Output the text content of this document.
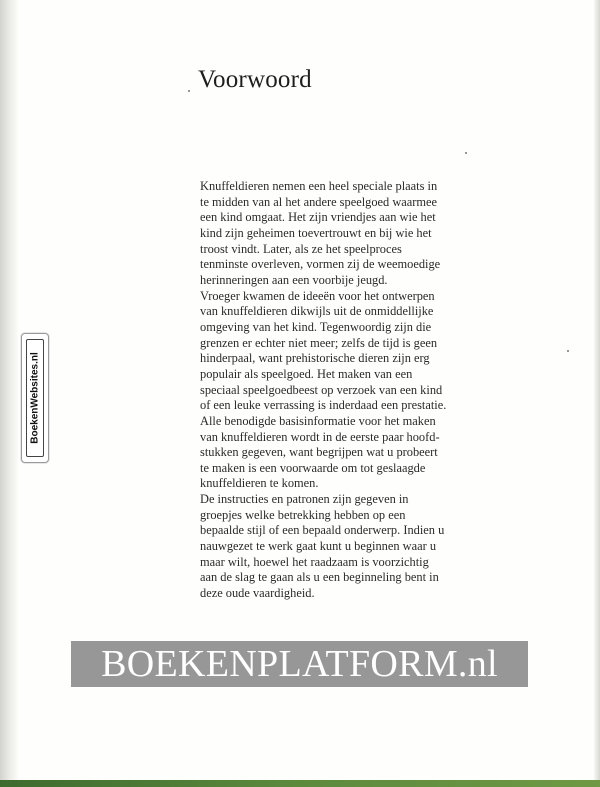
Voorwoord
Knuffeldieren nemen een heel speciale plaats in
te midden van al het andere speelgoed waarmee
een kind omgaat. Het zijn vriendjes aan wie het
kind zijn geheimen toevertrouwt en bij wie het
troost vindt. Later, als ze het speelproces
tenminste overleven, vormen zij de weemoedige
herinneringen aan een voorbije jeugd.
Vroeger kwamen de ideeën voor het ontwerpen
van knuffeldieren dikwijls uit de onmiddellijke
omgeving van het kind. Tegenwoordig zijn die
grenzen er echter niet meer; zelfs de tijd is geen
hinderpaal, want prehistorische dieren zijn erg
populair als speelgoed. Het maken van een
speciaal speelgoedbeest op verzoek van een kind
of een leuke verrassing is inderdaad een prestatie.
Alle benodigde basisinformatie voor het maken
van knuffeldieren wordt in de eerste paar hoofd-
stukken gegeven, want begrijpen wat u probeert
te maken is een voorwaarde om tot geslaagde
knuffeldieren te komen.
De instructies en patronen zijn gegeven in
groepjes welke betrekking hebben op een
bepaalde stijl of een bepaald onderwerp. Indien u
nauwgezet te werk gaat kunt u beginnen waar u
maar wilt, hoewel het raadzaam is voorzichtig
aan de slag te gaan als u een beginneling bent in
deze oude vaardigheid.
BoekenWebsites.nl
BOEKENPLATFORM.nl
